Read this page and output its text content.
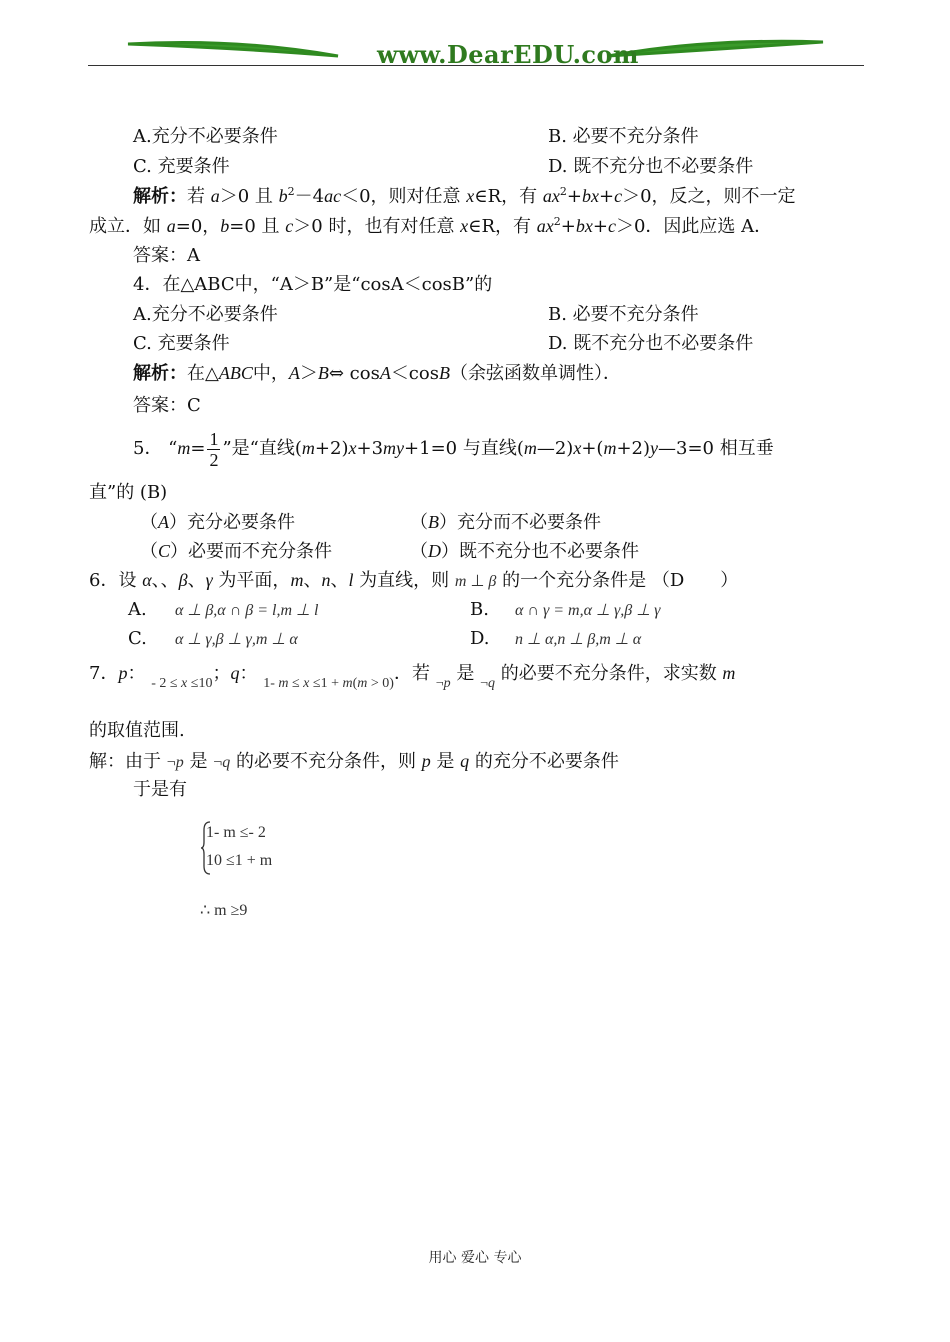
www.DearEDU.com
A.充分不必要条件	B. 必要不充分条件
C. 充要条件	D. 既不充分也不必要条件
解析：若 a＞0 且 $b^2-4ac<0$，则对任意 x∈R，有 $ax^2+bx+c>0$，反之，则不一定
成立．如 a=0，b=0 且 c＞0 时，也有对任意 x∈R，有 $ax^2+bx+c>0$．因此应选 A．
答案：A
4．在△ABC中，“A＞B”是“cosA＜cosB”的
A.充分不必要条件	B. 必要不充分条件
C. 充要条件	D. 既不充分也不必要条件
解析：在△ABC中，A＞B⇔ cosA＜cosB（余弦函数单调性）．
答案：C
5． “$m= \frac{1}{2}$ ”是“直线(m+2)x+3my+1=0 与直线(m—2)x+(m+2)y—3=0 相互垂
直”的 (B)
（A）充分必要条件	（B）充分而不必要条件
（C）必要而不充分条件	（D）既不充分也不必要条件
6．设 α、、β、γ 为平面，m、n、l 为直线，则 m ⊥ β 的一个充分条件是 （D　　）
A. α ⊥ β,α ∩ β = l,m ⊥ l	B. α ∩ γ = m,α ⊥ γ,β ⊥ γ
C. α ⊥ γ,β ⊥ γ,m ⊥ α	D. n ⊥ α,n ⊥ β,m ⊥ α
7．p： $_{- 2 \le x \le 10}$；q： $_{1- m \le x \le 1 + m(m > 0)}$．若 $_{\neg p}$ 是 $_{\neg q}$ 的必要不充分条件，求实数 m
的取值范围.
解：由于 ¬p 是 ¬q 的必要不充分条件，则 p 是 q 的充分不必要条件
于是有
1- m ≤- 2
10 ≤1 + m
∴ m ≥9
用心 爱心 专心
